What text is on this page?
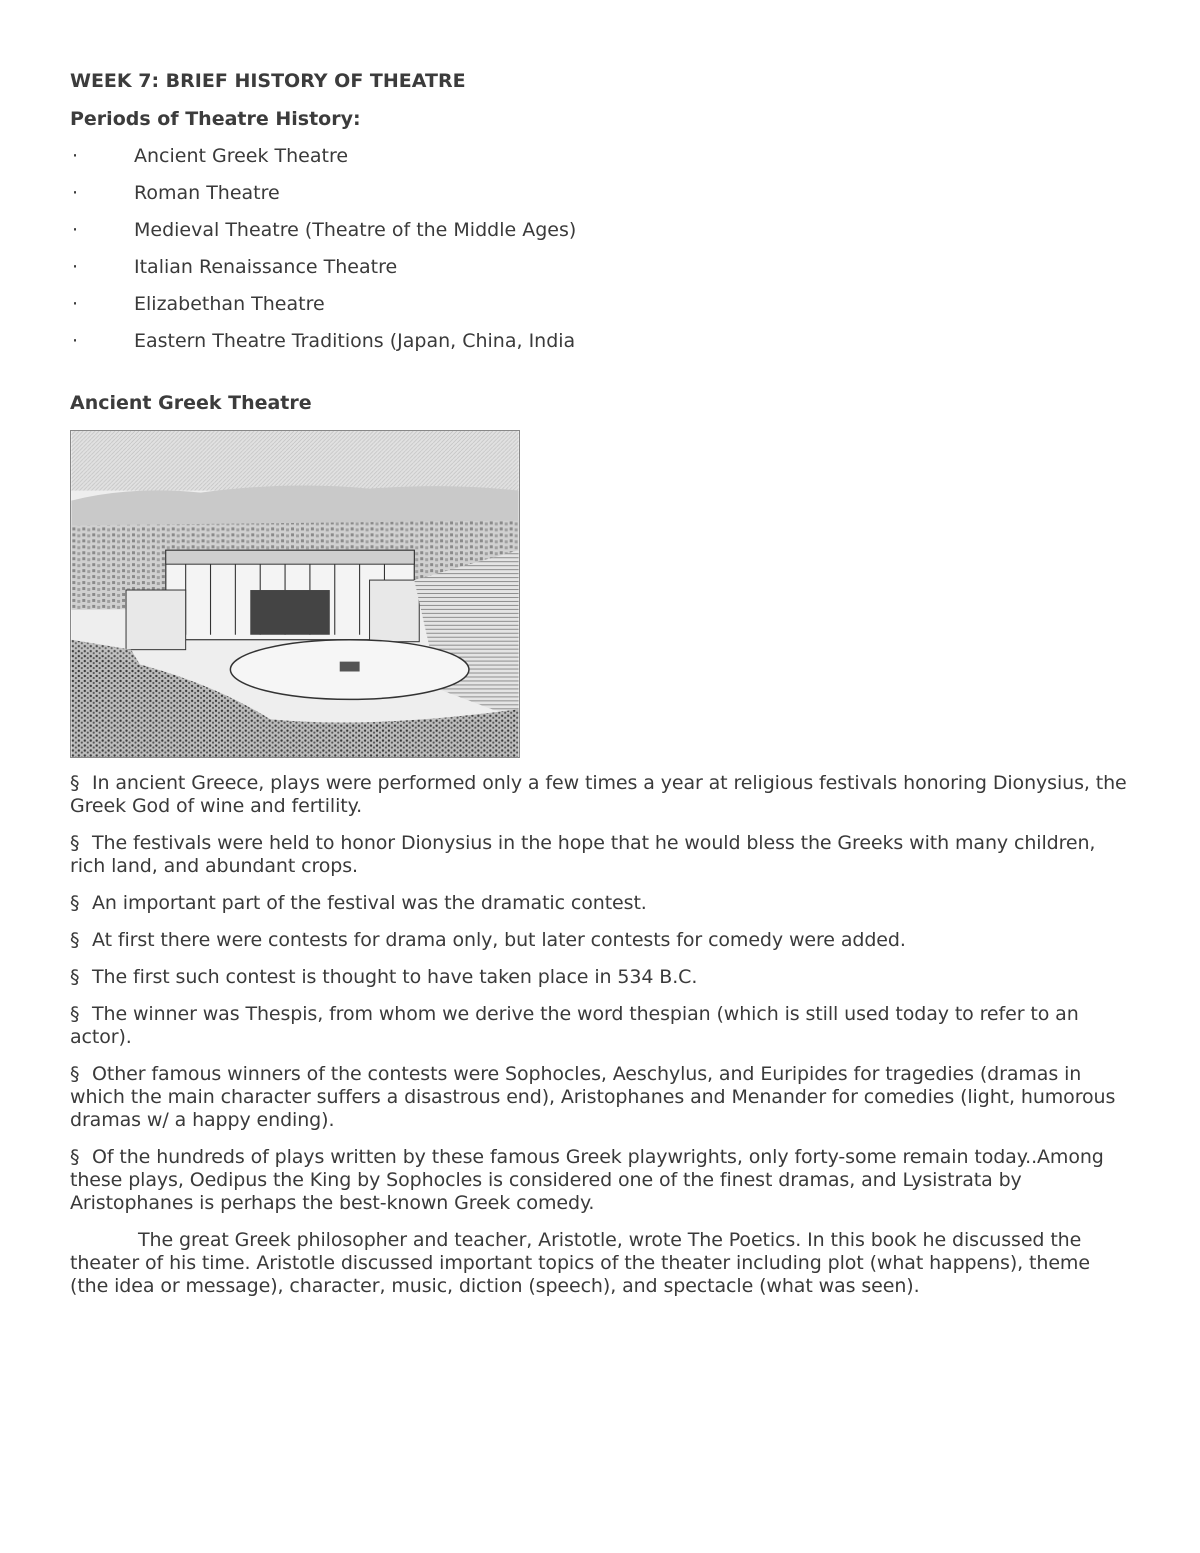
WEEK 7: BRIEF HISTORY OF THEATRE
Periods of Theatre History:
·	Ancient Greek Theatre
·	Roman Theatre
·	Medieval Theatre (Theatre of the Middle Ages)
·	Italian Renaissance Theatre
·	Elizabethan Theatre
·	Eastern Theatre Traditions (Japan, China, India
Ancient Greek Theatre

§ In ancient Greece, plays were performed only a few times a year at religious festivals honoring Dionysius, the Greek God of wine and fertility.

§ The festivals were held to honor Dionysius in the hope that he would bless the Greeks with many children, rich land, and abundant crops.

§ An important part of the festival was the dramatic contest.

§ At first there were contests for drama only, but later contests for comedy were added.

§ The first such contest is thought to have taken place in 534 B.C.

§ The winner was Thespis, from whom we derive the word thespian (which is still used today to refer to an actor).

§ Other famous winners of the contests were Sophocles, Aeschylus, and Euripides for tragedies (dramas in which the main character suffers a disastrous end), Aristophanes and Menander for comedies (light, humorous dramas w/ a happy ending).

§ Of the hundreds of plays written by these famous Greek playwrights, only forty-some remain today..Among these plays, Oedipus the King by Sophocles is considered one of the finest dramas, and Lysistrata by Aristophanes is perhaps the best-known Greek comedy.

The great Greek philosopher and teacher, Aristotle, wrote The Poetics. In this book he discussed the theater of his time. Aristotle discussed important topics of the theater including plot (what happens), theme (the idea or message), character, music, diction (speech), and spectacle (what was seen).
